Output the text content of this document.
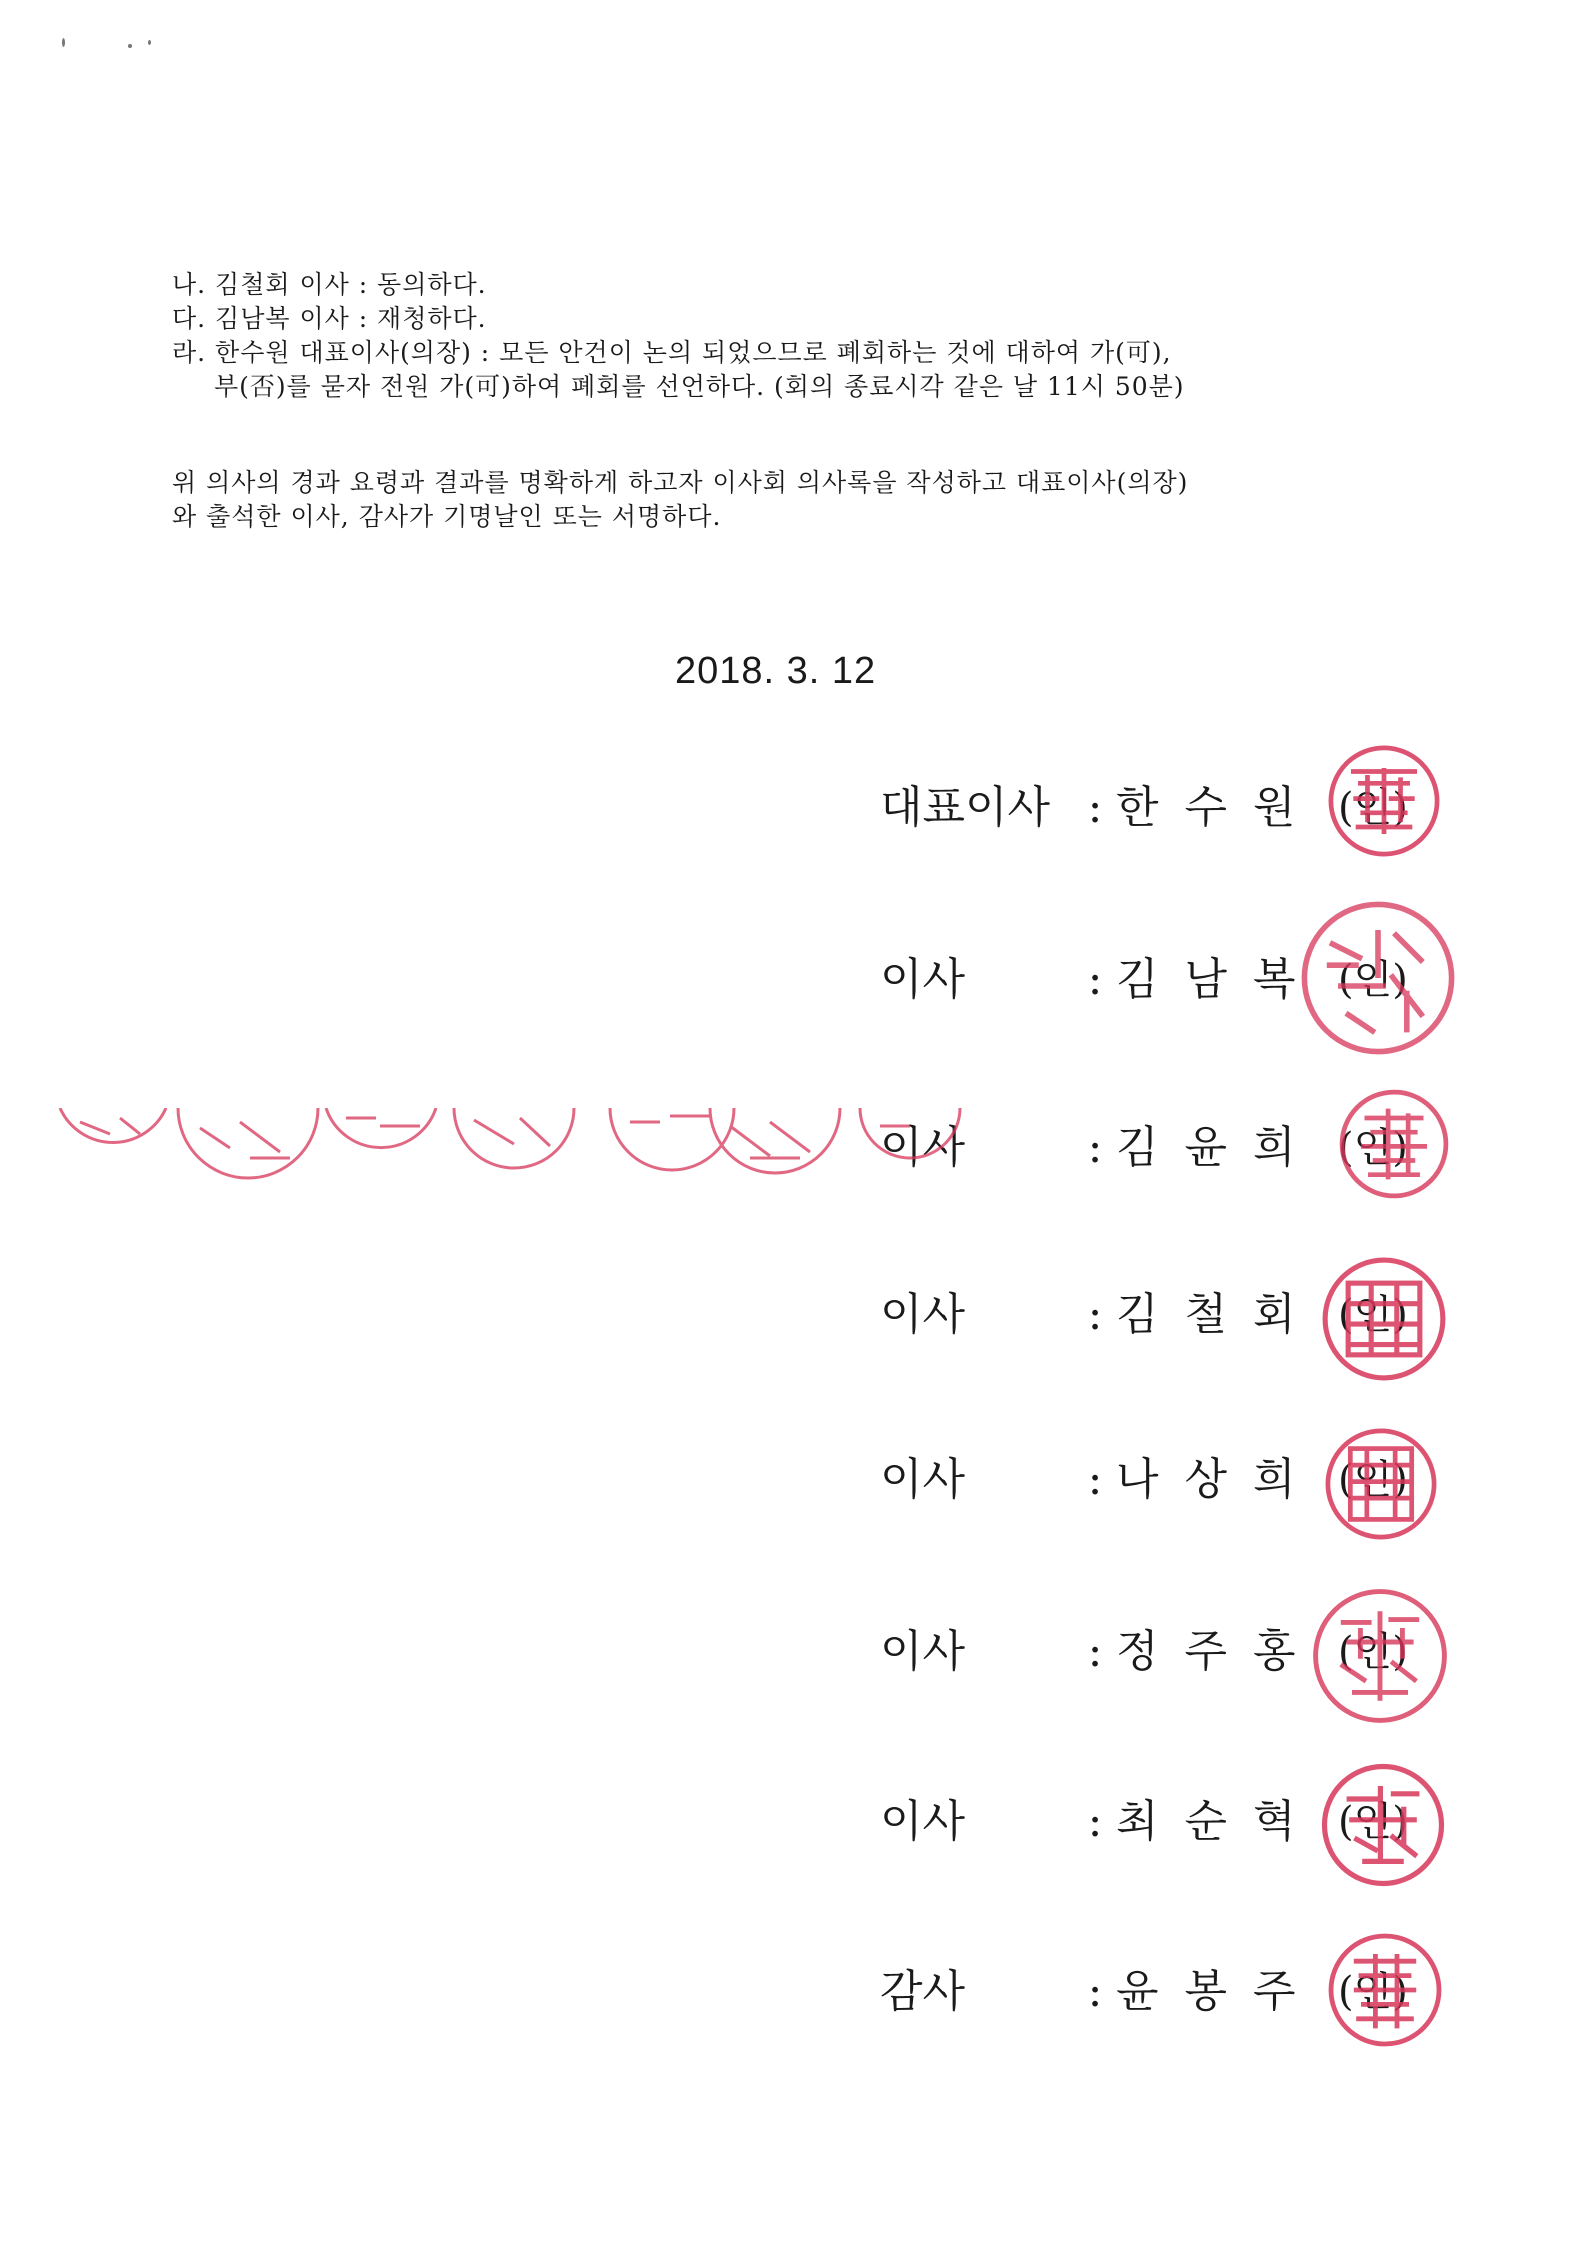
나. 김철회 이사 : 동의하다.
다. 김남복 이사 : 재청하다.
라. 한수원 대표이사(의장) : 모든 안건이 논의 되었으므로 폐회하는 것에 대하여 가(可),
부(否)를 묻자 전원 가(可)하여 폐회를 선언하다. (회의 종료시각 같은 날 11시 50분)
위 의사의 경과 요령과 결과를 명확하게 하고자 이사회 의사록을 작성하고 대표이사(의장)
와 출석한 이사, 감사가 기명날인 또는 서명하다.
2018. 3. 12
대표이사 : 한수원 (인)
이사	: 김남복 (인)
이사	: 김윤희 (인)
이사	: 김철회 (인)
이사	: 나상희 (인)
이사	: 정주홍 (인)
이사	: 최순혁 (인)
감사	: 윤봉주 (인)
